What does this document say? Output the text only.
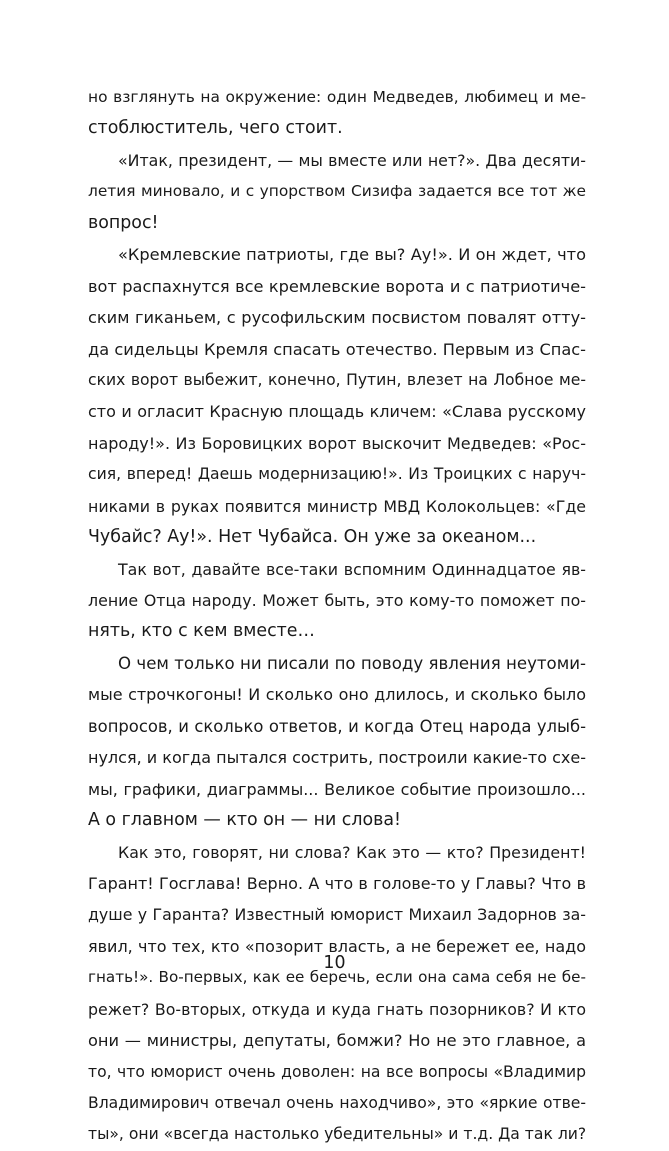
но взглянуть на окружение: один Медведев, любимец и ме-
стоблюститель, чего стоит.
«Итак, президент, — мы вместе или нет?». Два десяти-
летия миновало, и с упорством Сизифа задается все тот же
вопрос!
«Кремлевские патриоты, где вы? Ау!». И он ждет, что
вот распахнутся все кремлевские ворота и с патриотиче-
ским гиканьем, с русофильским посвистом повалят отту-
да сидельцы Кремля спасать отечество. Первым из Спас-
ских ворот выбежит, конечно, Путин, влезет на Лобное ме-
сто и огласит Красную площадь кличем: «Слава русскому
народу!». Из Боровицких ворот выскочит Медведев: «Рос-
сия, вперед! Даешь модернизацию!». Из Троицких с наруч-
никами в руках появится министр МВД Колокольцев: «Где
Чубайс? Ау!». Нет Чубайса. Он уже за океаном...
Так вот, давайте все-таки вспомним Одиннадцатое яв-
ление Отца народу. Может быть, это кому-то поможет по-
нять, кто с кем вместе…
О чем только ни писали по поводу явления неутоми-
мые строчкогоны! И сколько оно длилось, и сколько было
вопросов, и сколько ответов, и когда Отец народа улыб-
нулся, и когда пытался сострить, построили какие-то схе-
мы, графики, диаграммы... Великое событие произошло...
А о главном — кто он — ни слова!
Как это, говорят, ни слова? Как это — кто? Президент!
Гарант! Госглава! Верно. А что в голове-то у Главы? Что в
душе у Гаранта? Известный юморист Михаил Задорнов за-
явил, что тех, кто «позорит власть, а не бережет ее, надо
гнать!». Во-первых, как ее беречь, если она сама себя не бе-
режет? Во-вторых, откуда и куда гнать позорников? И кто
они — министры, депутаты, бомжи? Но не это главное, а
то, что юморист очень доволен: на все вопросы «Владимир
Владимирович отвечал очень находчиво», это «яркие отве-
ты», они «всегда настолько убедительны» и т.д. Да так ли?
10
